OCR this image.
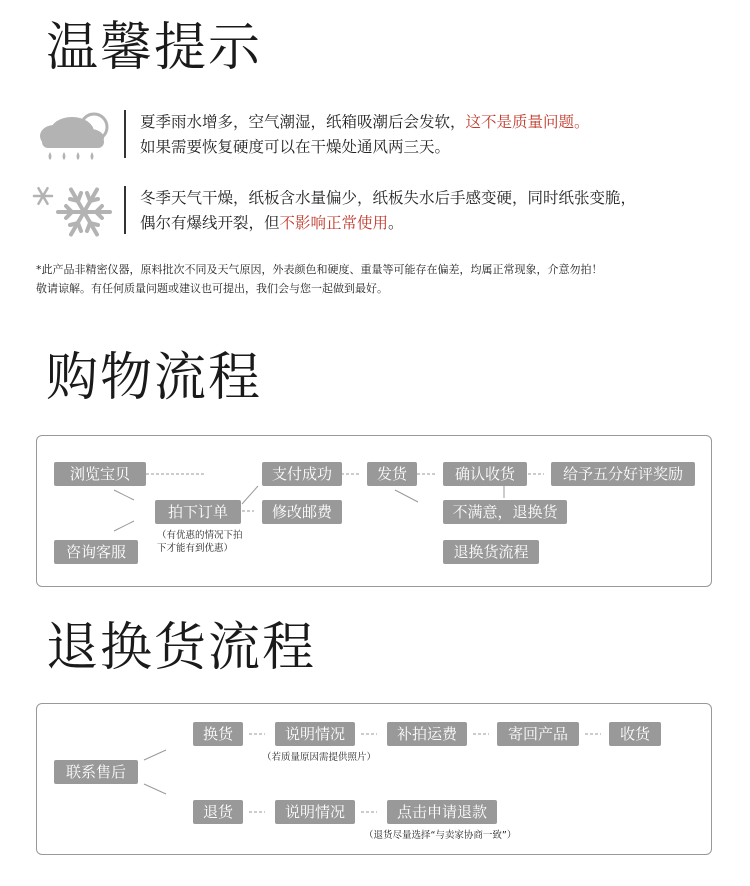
温馨提示
夏季雨水增多，空气潮湿，纸箱吸潮后会发软，这不是质量问题。
如果需要恢复硬度可以在干燥处通风两三天。
冬季天气干燥，纸板含水量偏少，纸板失水后手感变硬，同时纸张变脆，
偶尔有爆线开裂，但不影响正常使用。
*此产品非精密仪器，原料批次不同及天气原因，外表颜色和硬度、重量等可能存在偏差，均属正常现象，介意勿拍！
敬请谅解。有任何质量问题或建议也可提出，我们会与您一起做到最好。
购物流程
浏览宝贝
咨询客服
拍下订单
（有优惠的情况下拍
下才能有到优惠）
支付成功
修改邮费
发货	确认收货	给予五分好评奖励
不满意，退换货
退换货流程
退换货流程
联系售后
换货	说明情况
（若质量原因需提供照片）
补拍运费	寄回产品	收货
退货	说明情况	点击申请退款
（退货尽量选择“与卖家协商一致”）
